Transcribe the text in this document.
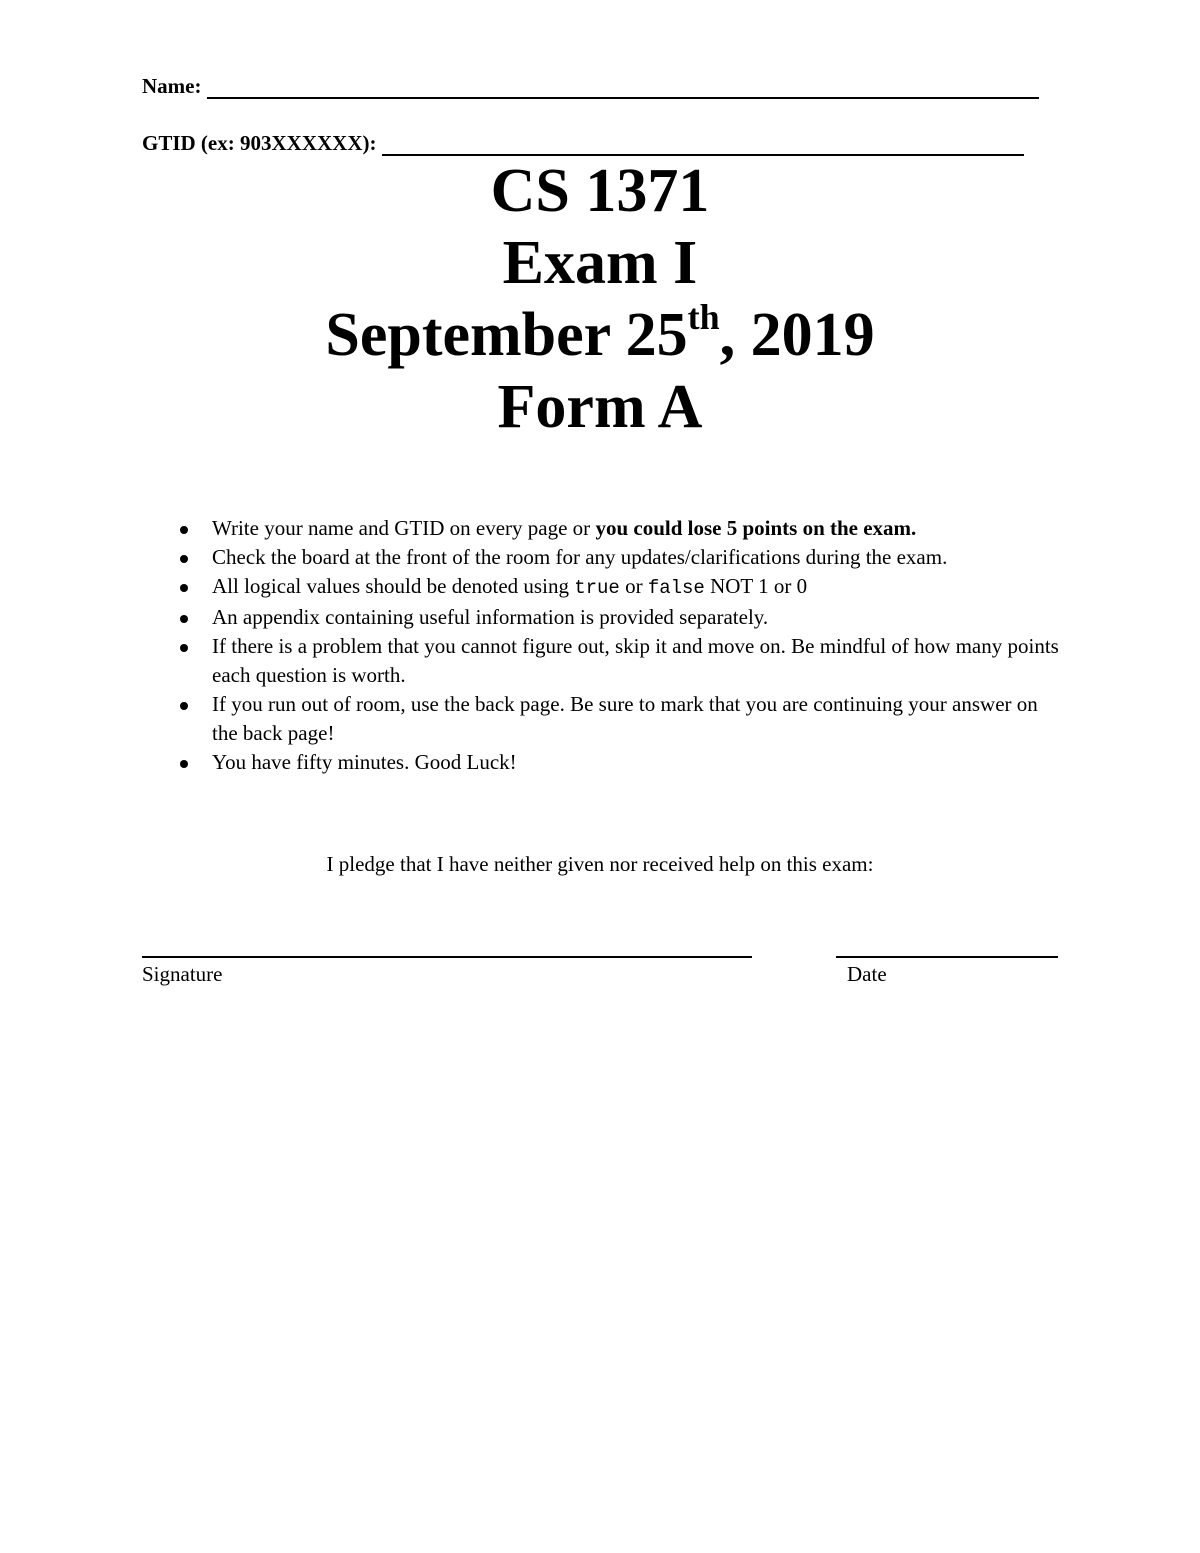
Name:
GTID (ex: 903XXXXXX):
CS 1371
Exam I
September 25th, 2019
Form A
Write your name and GTID on every page or you could lose 5 points on the exam.
Check the board at the front of the room for any updates/clarifications during the exam.
All logical values should be denoted using true or false NOT 1 or 0
An appendix containing useful information is provided separately.
If there is a problem that you cannot figure out, skip it and move on. Be mindful of how many points each question is worth.
If you run out of room, use the back page. Be sure to mark that you are continuing your answer on the back page!
You have fifty minutes. Good Luck!
I pledge that I have neither given nor received help on this exam:
Signature	Date
